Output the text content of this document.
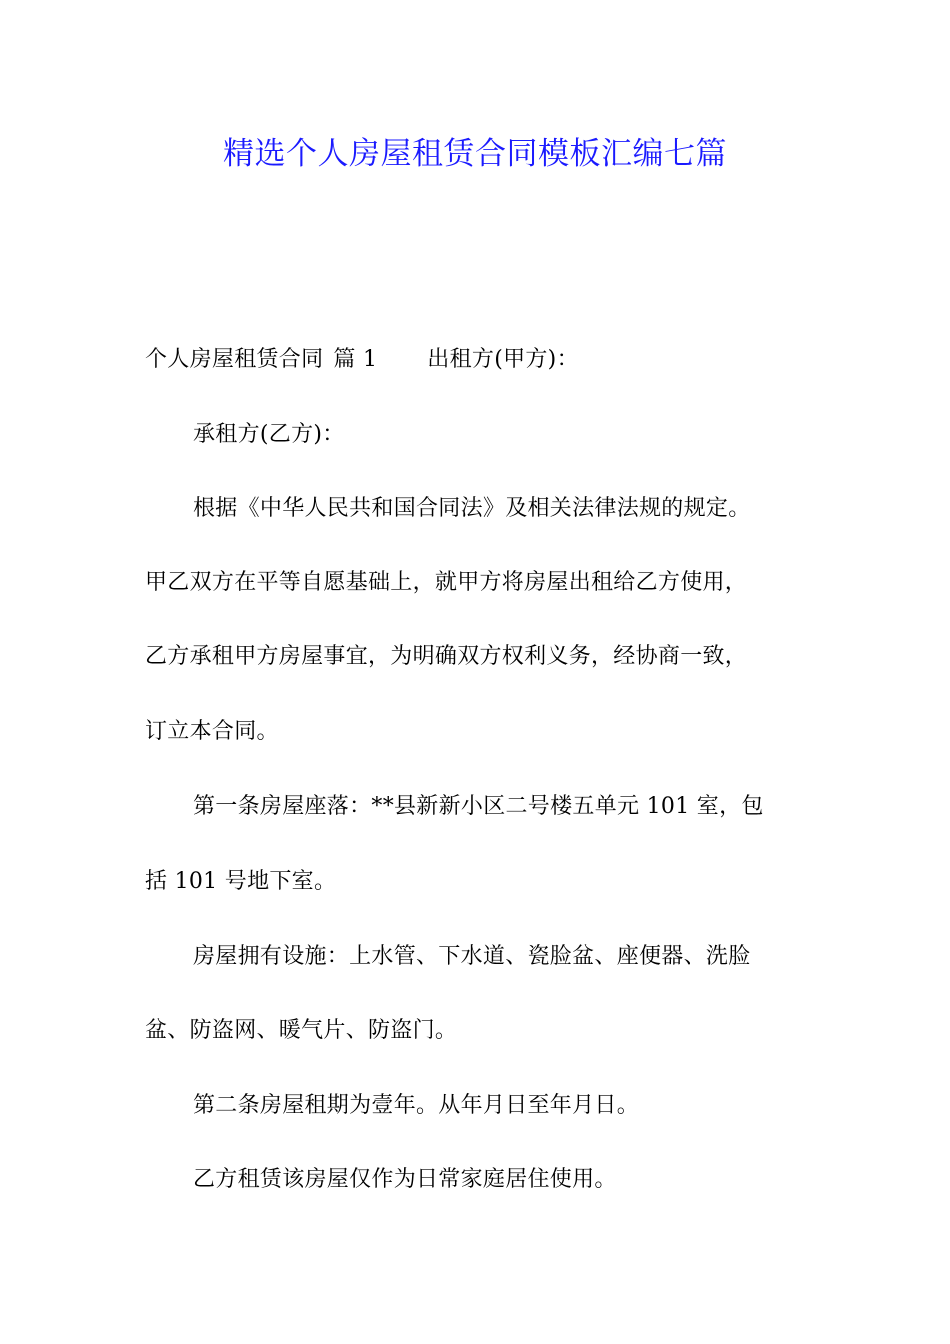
精选个人房屋租赁合同模板汇编七篇
个人房屋租赁合同 篇 1 出租方(甲方)：
承租方(乙方)：
根据《中华人民共和国合同法》及相关法律法规的规定。
甲乙双方在平等自愿基础上，就甲方将房屋出租给乙方使用，
乙方承租甲方房屋事宜，为明确双方权利义务，经协商一致，
订立本合同。
第一条房屋座落：**县新新小区二号楼五单元 101 室，包
括 101 号地下室。
房屋拥有设施：上水管、下水道、瓷脸盆、座便器、洗脸
盆、防盗网、暖气片、防盗门。
第二条房屋租期为壹年。从年月日至年月日。
乙方租赁该房屋仅作为日常家庭居住使用。
